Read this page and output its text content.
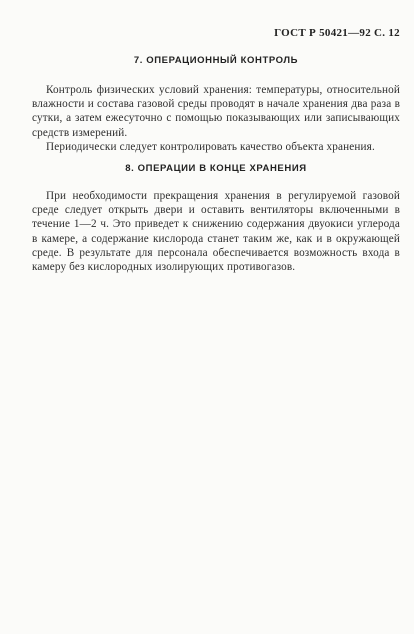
ГОСТ Р 50421—92 С. 12
7. ОПЕРАЦИОННЫЙ КОНТРОЛЬ

Контроль физических условий хранения: температуры, относительной влажности и состава газовой среды проводят в начале хранения два раза в сутки, а затем ежесуточно с помощью показывающих или записывающих средств измерений.

Периодически следует контролировать качество объекта хранения.

8. ОПЕРАЦИИ В КОНЦЕ ХРАНЕНИЯ

При необходимости прекращения хранения в регулируемой газовой среде следует открыть двери и оставить вентиляторы включенными в течение 1—2 ч. Это приведет к снижению содержания двуокиси углерода в камере, а содержание кислорода станет таким же, как и в окружающей среде. В результате для персонала обеспечивается возможность входа в камеру без кислородных изолирующих противогазов.
